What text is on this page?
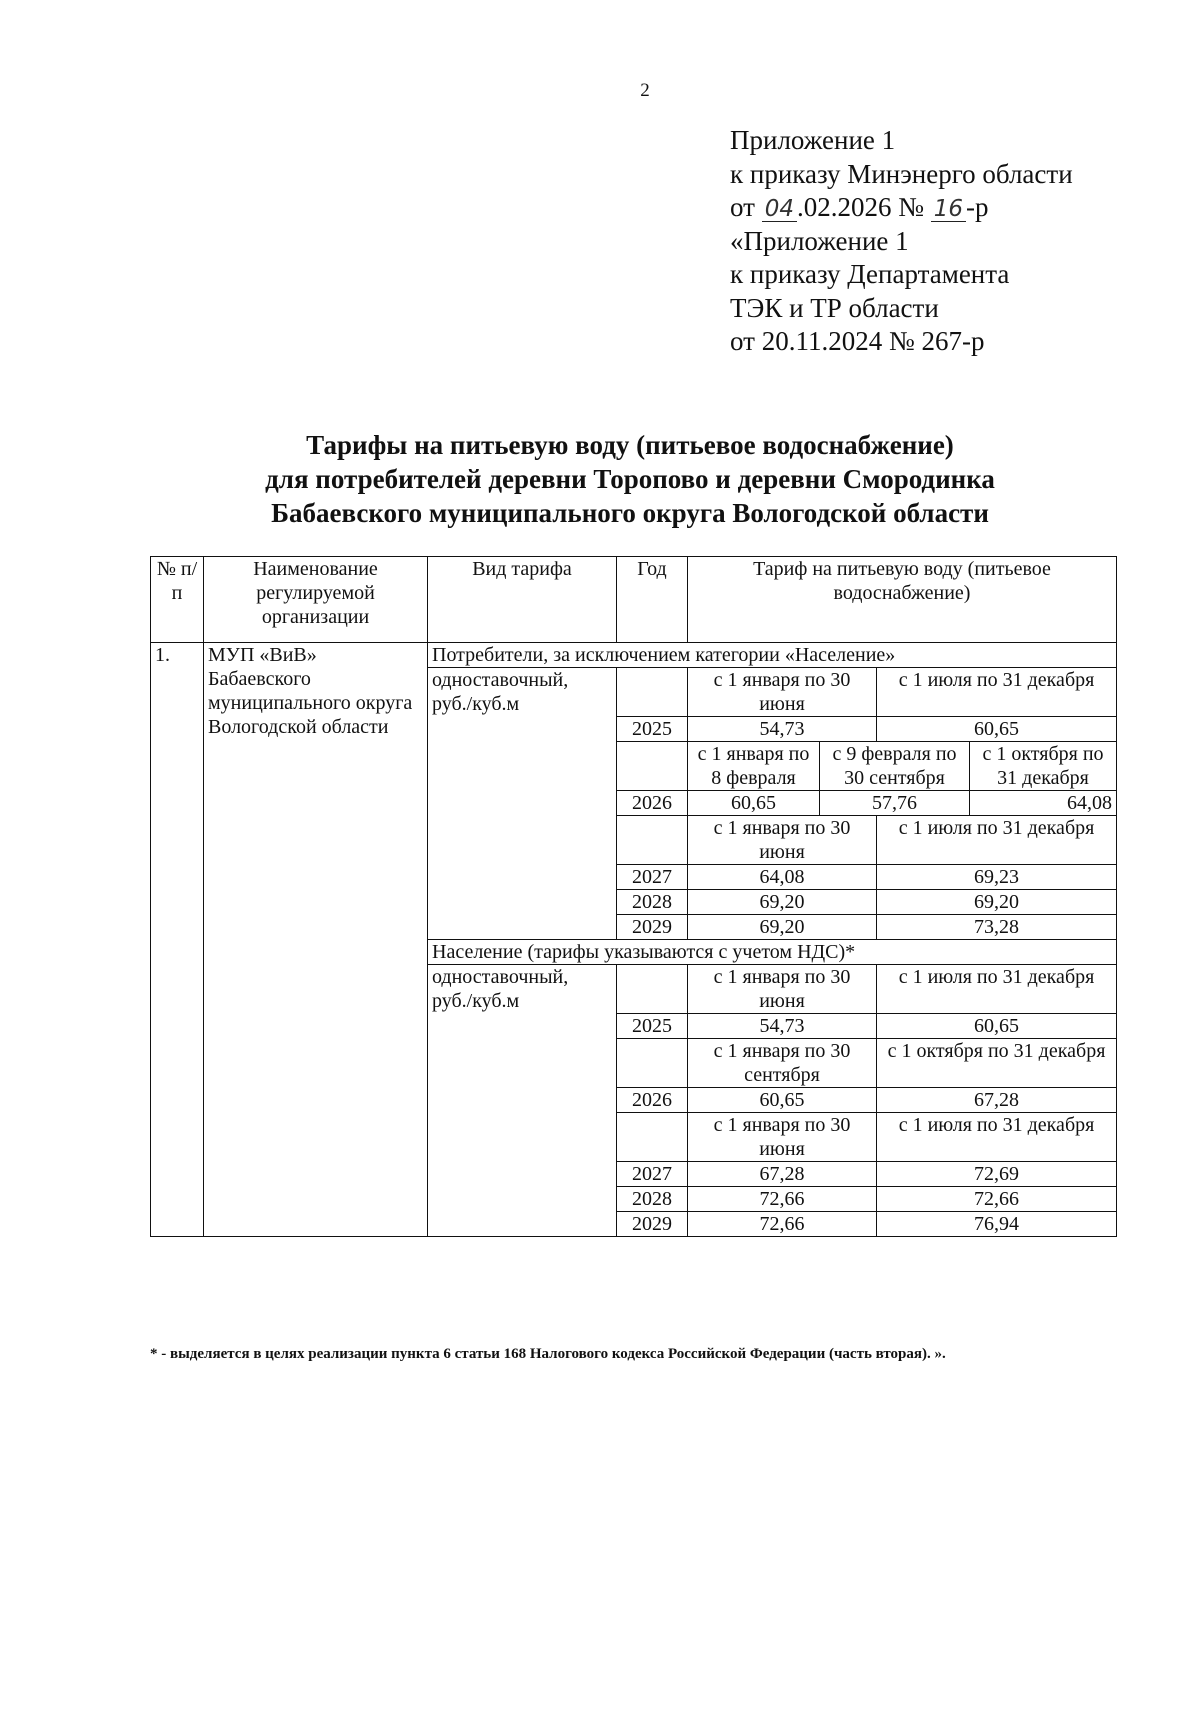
2
Приложение 1
к приказу Минэнерго области
от 04 .02.2026 № 16 -р
«Приложение 1
к приказу Департамента
ТЭК и ТР области
от 20.11.2024 № 267-р
Тарифы на питьевую воду (питьевое водоснабжение)
для потребителей деревни Торопово и деревни Смородинка
Бабаевского муниципального округа Вологодской области
№ п/п	Наименование регулируемой организации	Вид тарифа	Год	Тариф на питьевую воду (питьевое водоснабжение)			
1.	МУП «ВиВ» Бабаевского муниципального округа Вологодской области	Потребители, за исключением категории «Население»					
		одноставочный, руб./куб.м		с 1 января по 30 июня		с 1 июля по 31 декабря	
			2025	54,73		60,65	
				с 1 января по 8 февраля	с 9 февраля по 30 сентября		с 1 октября по 31 декабря
			2026	60,65	57,76		64,08
				с 1 января по 30 июня		с 1 июля по 31 декабря	
			2027	64,08		69,23	
			2028	69,20		69,20	
			2029	69,20		73,28	
		Население (тарифы указываются с учетом НДС)*					
		одноставочный, руб./куб.м		с 1 января по 30 июня		с 1 июля по 31 декабря	
			2025	54,73		60,65	
				с 1 января по 30 сентября		с 1 октября по 31 декабря	
			2026	60,65		67,28	
				с 1 января по 30 июня		с 1 июля по 31 декабря	
			2027	67,28		72,69	
			2028	72,66		72,66	
			2029	72,66		76,94	
* - выделяется в целях реализации пункта 6 статьи 168 Налогового кодекса Российской Федерации (часть вторая). ».
